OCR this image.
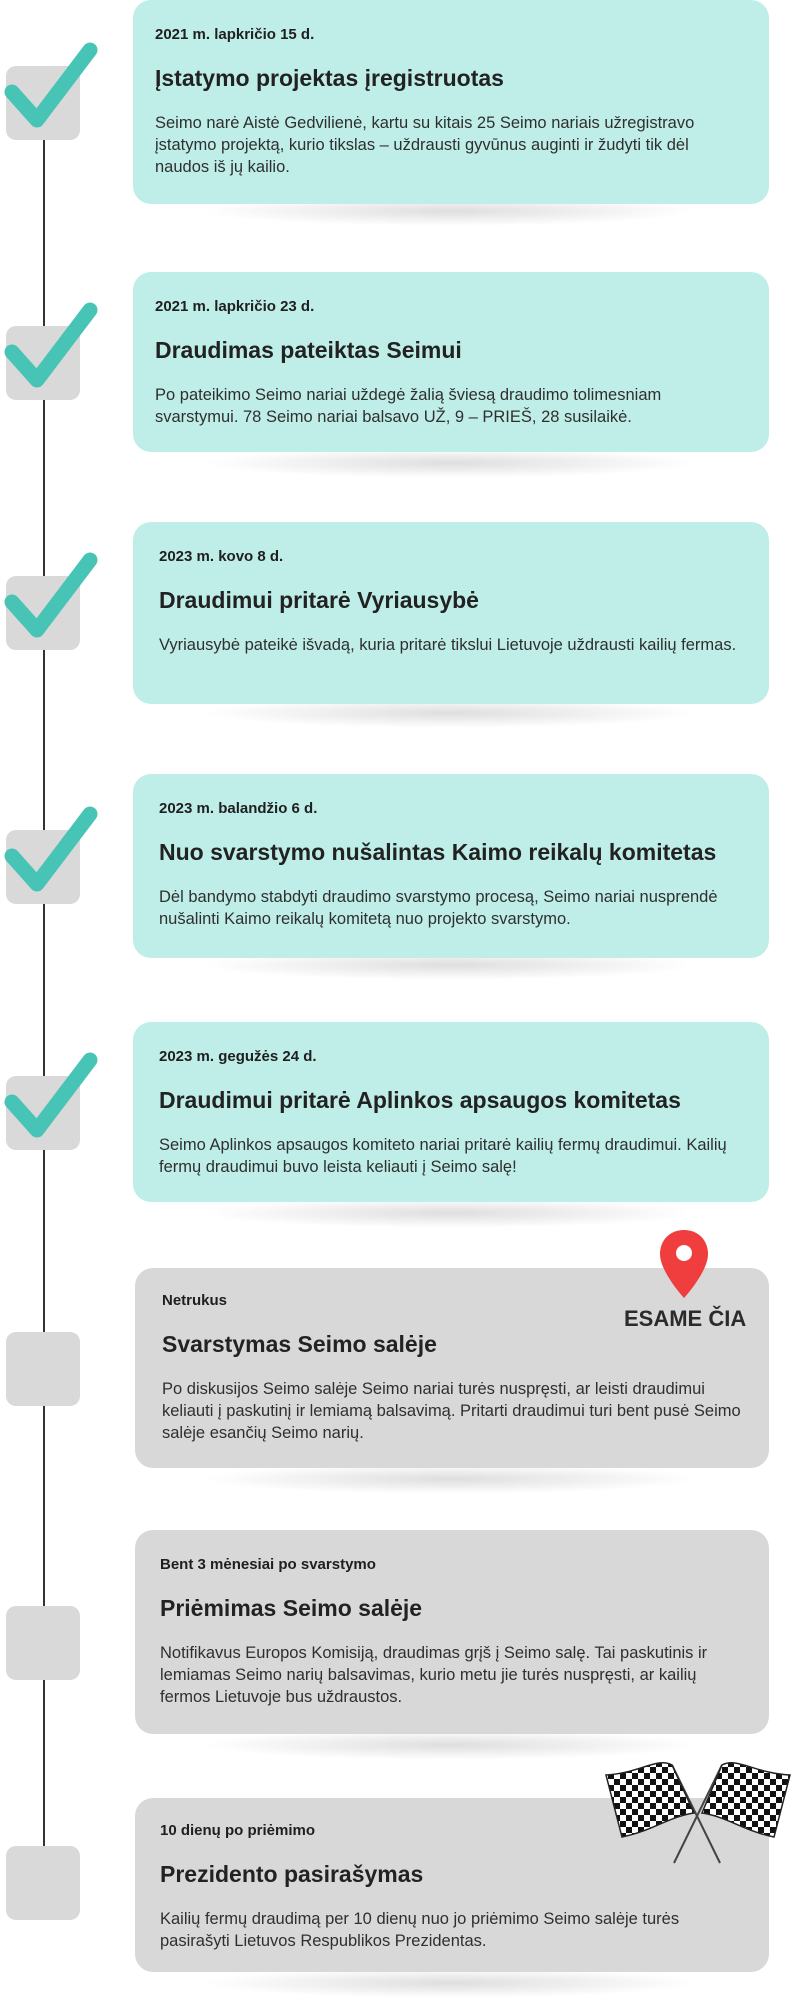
2021 m. lapkričio 15 d.
Įstatymo projektas įregistruotas
Seimo narė Aistė Gedvilienė, kartu su kitais 25 Seimo nariais užregistravo įstatymo projektą, kurio tikslas – uždrausti gyvūnus auginti ir žudyti tik dėl naudos iš jų kailio.
2021 m. lapkričio 23 d.
Draudimas pateiktas Seimui
Po pateikimo Seimo nariai uždegė žalią šviesą draudimo tolimesniam svarstymui. 78 Seimo nariai balsavo UŽ, 9 – PRIEŠ, 28 susilaikė.
2023 m. kovo 8 d.
Draudimui pritarė Vyriausybė
Vyriausybė pateikė išvadą, kuria pritarė tikslui Lietuvoje uždrausti kailių fermas.
2023 m. balandžio 6 d.
Nuo svarstymo nušalintas Kaimo reikalų komitetas
Dėl bandymo stabdyti draudimo svarstymo procesą, Seimo nariai nusprendė nušalinti Kaimo reikalų komitetą nuo projekto svarstymo.
2023 m. gegužės 24 d.
Draudimui pritarė Aplinkos apsaugos komitetas
Seimo Aplinkos apsaugos komiteto nariai pritarė kailių fermų draudimui. Kailių fermų draudimui buvo leista keliauti į Seimo salę!
Netrukus
Svarstymas Seimo salėje
Po diskusijos Seimo salėje Seimo nariai turės nuspręsti, ar leisti draudimui keliauti į paskutinį ir lemiamą balsavimą. Pritarti draudimui turi bent pusė Seimo salėje esančių Seimo narių.
Bent 3 mėnesiai po svarstymo
Priėmimas Seimo salėje
Notifikavus Europos Komisiją, draudimas grįš į Seimo salę. Tai paskutinis ir lemiamas Seimo narių balsavimas, kurio metu jie turės nuspręsti, ar kailių fermos Lietuvoje bus uždraustos.
10 dienų po priėmimo
Prezidento pasirašymas
Kailių fermų draudimą per 10 dienų nuo jo priėmimo Seimo salėje turės pasirašyti Lietuvos Respublikos Prezidentas.
ESAME ČIA
